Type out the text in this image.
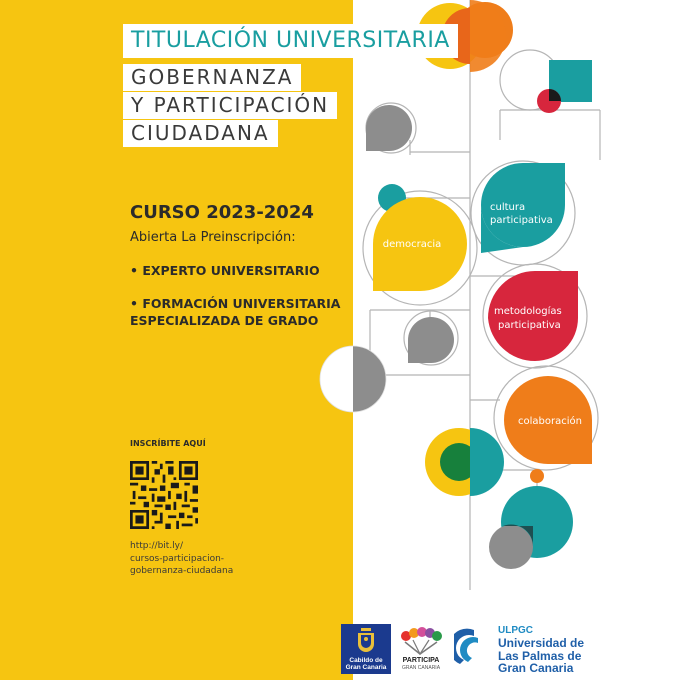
democracia
cultura
participativa
metodologías
participativa
colaboración
TITULACIÓN UNIVERSITARIA
GOBERNANZA
Y PARTICIPACIÓN
CIUDADANA
CURSO 2023-2024
Abierta La Preinscripción:
• EXPERTO UNIVERSITARIO
• FORMACIÓN UNIVERSITARIA ESPECIALIZADA DE GRADO
INSCRÍBITE AQUÍ
http://bit.ly/
cursos-participacion-
gobernanza-ciudadana
Cabildo de
Gran Canaria
PARTICIPA
GRAN CANARIA
ULPGC
Universidad de
Las Palmas de
Gran Canaria
